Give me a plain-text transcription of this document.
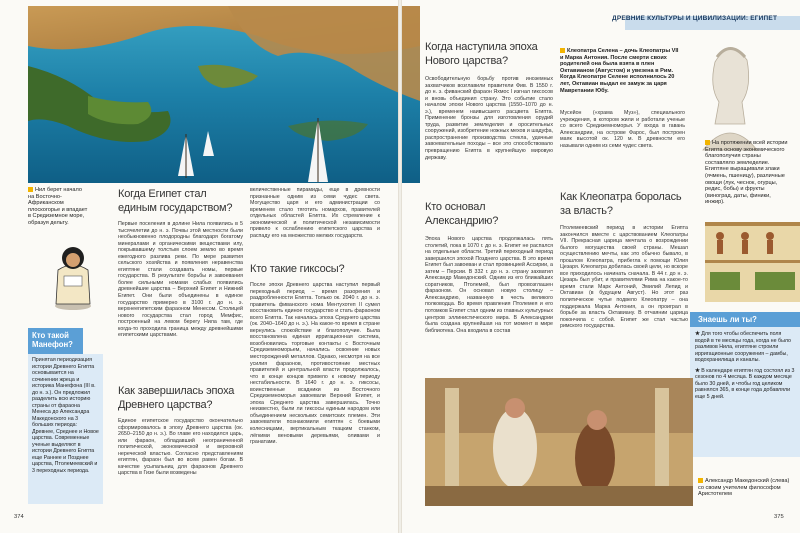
Нил берет начало на Восточно-Африканском плоскогорье и впадает в Средиземное море, образуя дельту.
Кто такой Манефон?
Принятая периодизация истории Древнего Египта основывается на сочинении жреца и историка Манефона (III в. до н. э.). Он предложил разделить всю историю страны от фараона Менеса до Александра Македонского на 3 больших периода: Древнее, Среднее и Новое царства. Современные ученые выделяют в истории Древнего Египта еще Раннее и Позднее царства, Птолемеевский и 3 переходных периода.
Когда Египет стал единым государством?
Первые поселения в долине Нила появились в 5 тысячелетии до н. э. Почвы этой местности были необыкновенно плодородны благодаря богатому минералами и органическими веществами илу, покрывавшему толстым слоем землю во время ежегодного разлива реки. По мере развития сельского хозяйства и появления неравенства египтяне стали создавать номы, первые государства. В результате борьбы и завоевания более сильными номами слабых появились древнейшие царства – Верхний Египет и Нижний Египет. Они были объединены в единое государство примерно в 3100 г. до н. э. верхнеегипетским фараоном Менесом. Столицей нового государства стал город Мемфис, построенный на левом берегу Нила там, где когда-то проходила граница между древнейшими египетскими царствами.
Как завершилась эпоха Древнего царства?
Единое египетское государство окончательно сформировалось в эпоху Древнего царства (ок. 2650–2150 до н. э.). Во главе его находился царь, или фараон, обладавший неограниченной политической, экономической и верховной нереческой властью. Согласно представлениям египтян, фараон был во всем равен богам. В качестве усыпальниц для фараонов Древнего царства в Гизе были возведены
величественные пирамиды, еще в древности признанные одним из семи чудес света. Могущество царя и его администрации со временем стало тяготить номархов, правителей отдельных областей Египта. Их стремление к экономической и политической независимости привело к ослаблению египетского царства и распаду его на множество мелких государств.
Кто такие гиксосы?
После эпохи Древнего царства наступил первый переходный период – время разорения и раздробленности Египта. Только ок. 2040 г. до н. э. правитель фиванского нома Ментухотеп II сумел восстановить единое государство и стать фараоном всего Египта. Так началась эпоха Среднего царства (ок. 2040–1640 до н. э.). На какое-то время в стране вернулись спокойствие и благополучие. Была восстановлена единая ирригационная система, возобновились торговые контакты с Восточным Средиземноморьем, начались освоение новых месторождений металлов. Однако, несмотря на все усилия фараонов, противостояние местных правителей и центральной власти продолжалось, что в конце концов привело к новому периоду нестабильности. В 1640 г. до н. э. гиксосы, воинственные всадники из Восточного Средиземноморья завоевали Верхний Египет, и эпоха Среднего царства завершилась. Точно неизвестно, были ли гиксосы единым народом или объединением нескольких семитских племен. Эти завоеватели познакомили египтян с боевыми колесницами, вертикальным ткацким станком, лёгкими веновыми деревьями, оливами и гранатами.
374
ДРЕВНИЕ КУЛЬТУРЫ И ЦИВИЛИЗАЦИИ: ЕГИПЕТ
Когда наступила эпоха Нового царства?
Освободительную борьбу против иноземных захватчиков возглавили правители Фив. В 1550 г. до н. э. фиванский фараон Яхмос I изгнал гиксосов и вновь объединил страну. Это событие стало началом эпохи Нового царства (1550–1070 до н. э.), временем наивысшего расцвета Египта. Применение бронзы для изготовления орудий труда, развитие земледелия и оросительных сооружений, изобретение ножных мехов и шадуфа, распространение производства стекла, удачные завоевательные походы – все это способствовало превращению Египта в крупнейшую мировую державу.
Кто основал Александрию?
Эпоха Нового царства продолжалась пять столетий, пока в 1070 г. до н. э. Египет не распался на отдельные области. Третий переходный период завершился эпохой Позднего царства. В это время Египет был завоеван и стал провинцией Ассирии, а затем – Персии. В 332 г. до н. э. страну захватил Александр Македонский. Одним из его ближайших соратников, Птолемей, был провозглашен фараоном. Он основал новую столицу – Александрию, названную в честь великого полководца. Во время правления Птолемея и его потомков Египет стал одним из главных культурных центров эллинистического мира. В Александрии была создана крупнейшая на тот момент в мире библиотека. Она входила в состав
Клеопатра Селена – дочь Клеопатры VII и Марка Антония. После смерти своих родителей она была взята в плен Октавианом (Августом) и увезена в Рим. Когда Клеопатре Селене исполнилось 20 лет, Октавиан выдал ее замуж за царя Мавретании Юбу.
Мусейон («храма Муз»), специального учреждения, в котором жили и работали ученые со всего Средиземноморья. У входа в гавань Александрии, на острове Фарос, был построен маяк высотой ок. 120 м. В древности его называли одним из семи чудес света.
Как Клеопатра боролась за власть?
Птолемеевский период в истории Египта закончился вместе с царствованием Клеопатры VII. Прекрасная царица мечтала о возрождении былого могущества своей страны. Мешал осуществлению мечты, как это обычно бывало, в прошлом Клеопатра, прибегла к помощи Юлия Цезаря. Клеопатра добилась своей цели, но вскоре все приходилось начинать сначала. В 44 г. до н. э. Цезарь был убит, и правителями Рима на какое-то время стали Марк Антоний, Эмилий Лепид и Октавиан (в будущем Август). Но этот раз политическое чутье подвело Клеопатру – она поддержала Марка Антония, а он проиграл в борьбе за власть Октавиану. В отчаянии царица покончила с собой. Египет же стал частью римского государства.
На протяжении всей истории Египта основу экономического благополучия страны составляло земледелие. Египтяне выращивали злаки (ячмень, пшеницу), различные овощи (лук, чеснок, огурцы, редис, бобы) и фрукты (виноград, даты, финики, инжир).
Знаешь ли ты?
★ Для того чтобы обеспечить поля водой в те месяцы года, когда не было разливов Нила, египтяне строили ирригационные сооружения – дамбы, водохранилища и каналы.
★ В календаре египтян год состоял из 3 сезонов по 4 месяца. В каждом месяце было 30 дней, и чтобы год целиком равнялся 365, в конце года добавляли еще 5 дней.
Александр Македонский (слева) со своим учителем философом Аристотелем
375
